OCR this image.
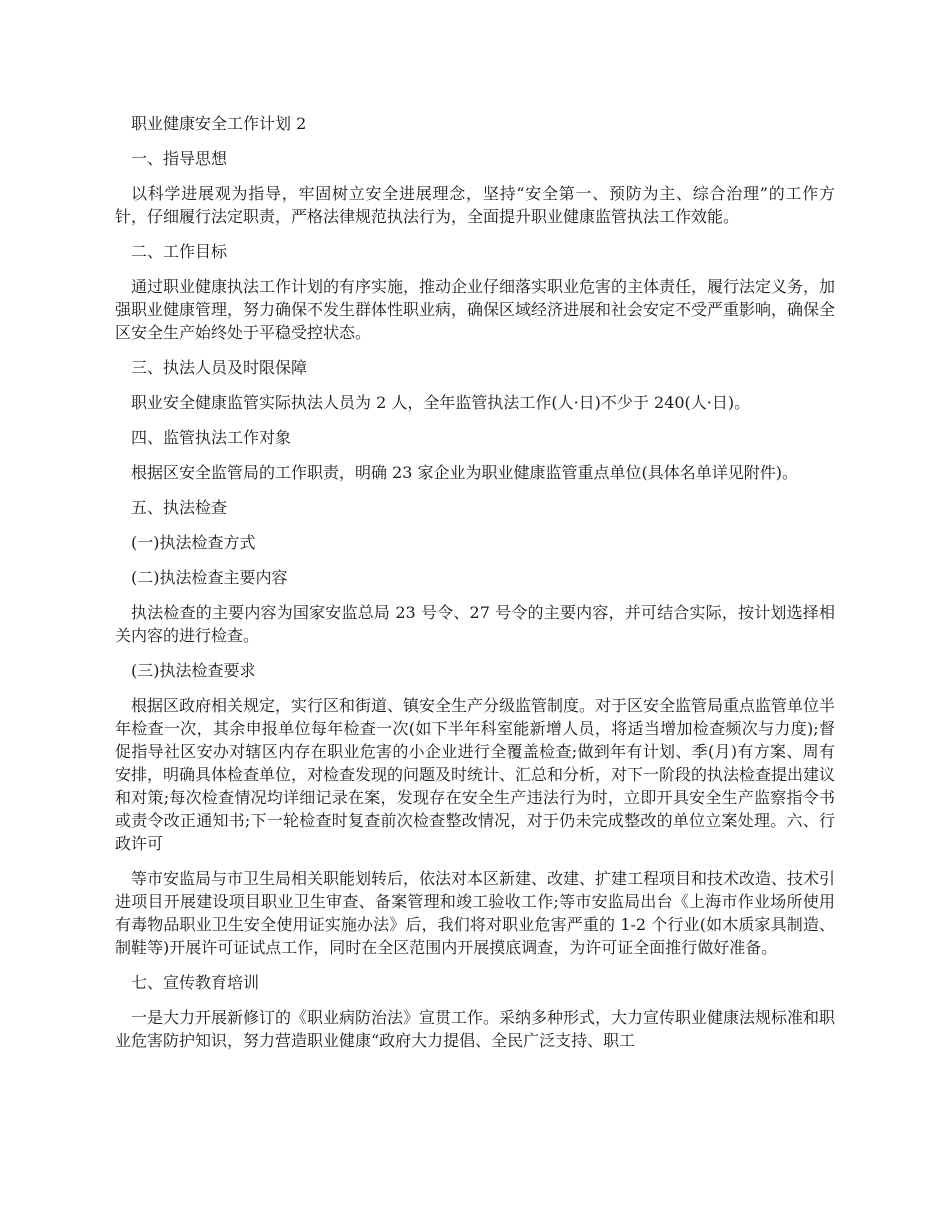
职业健康安全工作计划 2

一、指导思想

以科学进展观为指导，牢固树立安全进展理念，坚持“安全第一、预防为主、综合治理”的工作方针，仔细履行法定职责，严格法律规范执法行为，全面提升职业健康监管执法工作效能。

二、工作目标

通过职业健康执法工作计划的有序实施，推动企业仔细落实职业危害的主体责任，履行法定义务，加强职业健康管理，努力确保不发生群体性职业病，确保区域经济进展和社会安定不受严重影响，确保全区安全生产始终处于平稳受控状态。

三、执法人员及时限保障

职业安全健康监管实际执法人员为 2 人，全年监管执法工作(人·日)不少于 240(人·日)。

四、监管执法工作对象

根据区安全监管局的工作职责，明确 23 家企业为职业健康监管重点单位(具体名单详见附件)。

五、执法检查

(一)执法检查方式

(二)执法检查主要内容

执法检查的主要内容为国家安监总局 23 号令、27 号令的主要内容，并可结合实际，按计划选择相关内容的进行检查。

(三)执法检查要求

根据区政府相关规定，实行区和街道、镇安全生产分级监管制度。对于区安全监管局重点监管单位半年检查一次，其余申报单位每年检查一次(如下半年科室能新增人员，将适当增加检查频次与力度);督促指导社区安办对辖区内存在职业危害的小企业进行全覆盖检查;做到年有计划、季(月)有方案、周有安排，明确具体检查单位，对检查发现的问题及时统计、汇总和分析，对下一阶段的执法检查提出建议和对策;每次检查情况均详细记录在案，发现存在安全生产违法行为时，立即开具安全生产监察指令书或责令改正通知书;下一轮检查时复查前次检查整改情况，对于仍未完成整改的单位立案处理。六、行政许可

等市安监局与市卫生局相关职能划转后，依法对本区新建、改建、扩建工程项目和技术改造、技术引进项目开展建设项目职业卫生审查、备案管理和竣工验收工作;等市安监局出台《上海市作业场所使用有毒物品职业卫生安全使用证实施办法》后，我们将对职业危害严重的 1-2 个行业(如木质家具制造、制鞋等)开展许可证试点工作，同时在全区范围内开展摸底调查，为许可证全面推行做好准备。

七、宣传教育培训

一是大力开展新修订的《职业病防治法》宣贯工作。采纳多种形式，大力宣传职业健康法规标准和职业危害防护知识，努力营造职业健康“政府大力提倡、全民广泛支持、职工
